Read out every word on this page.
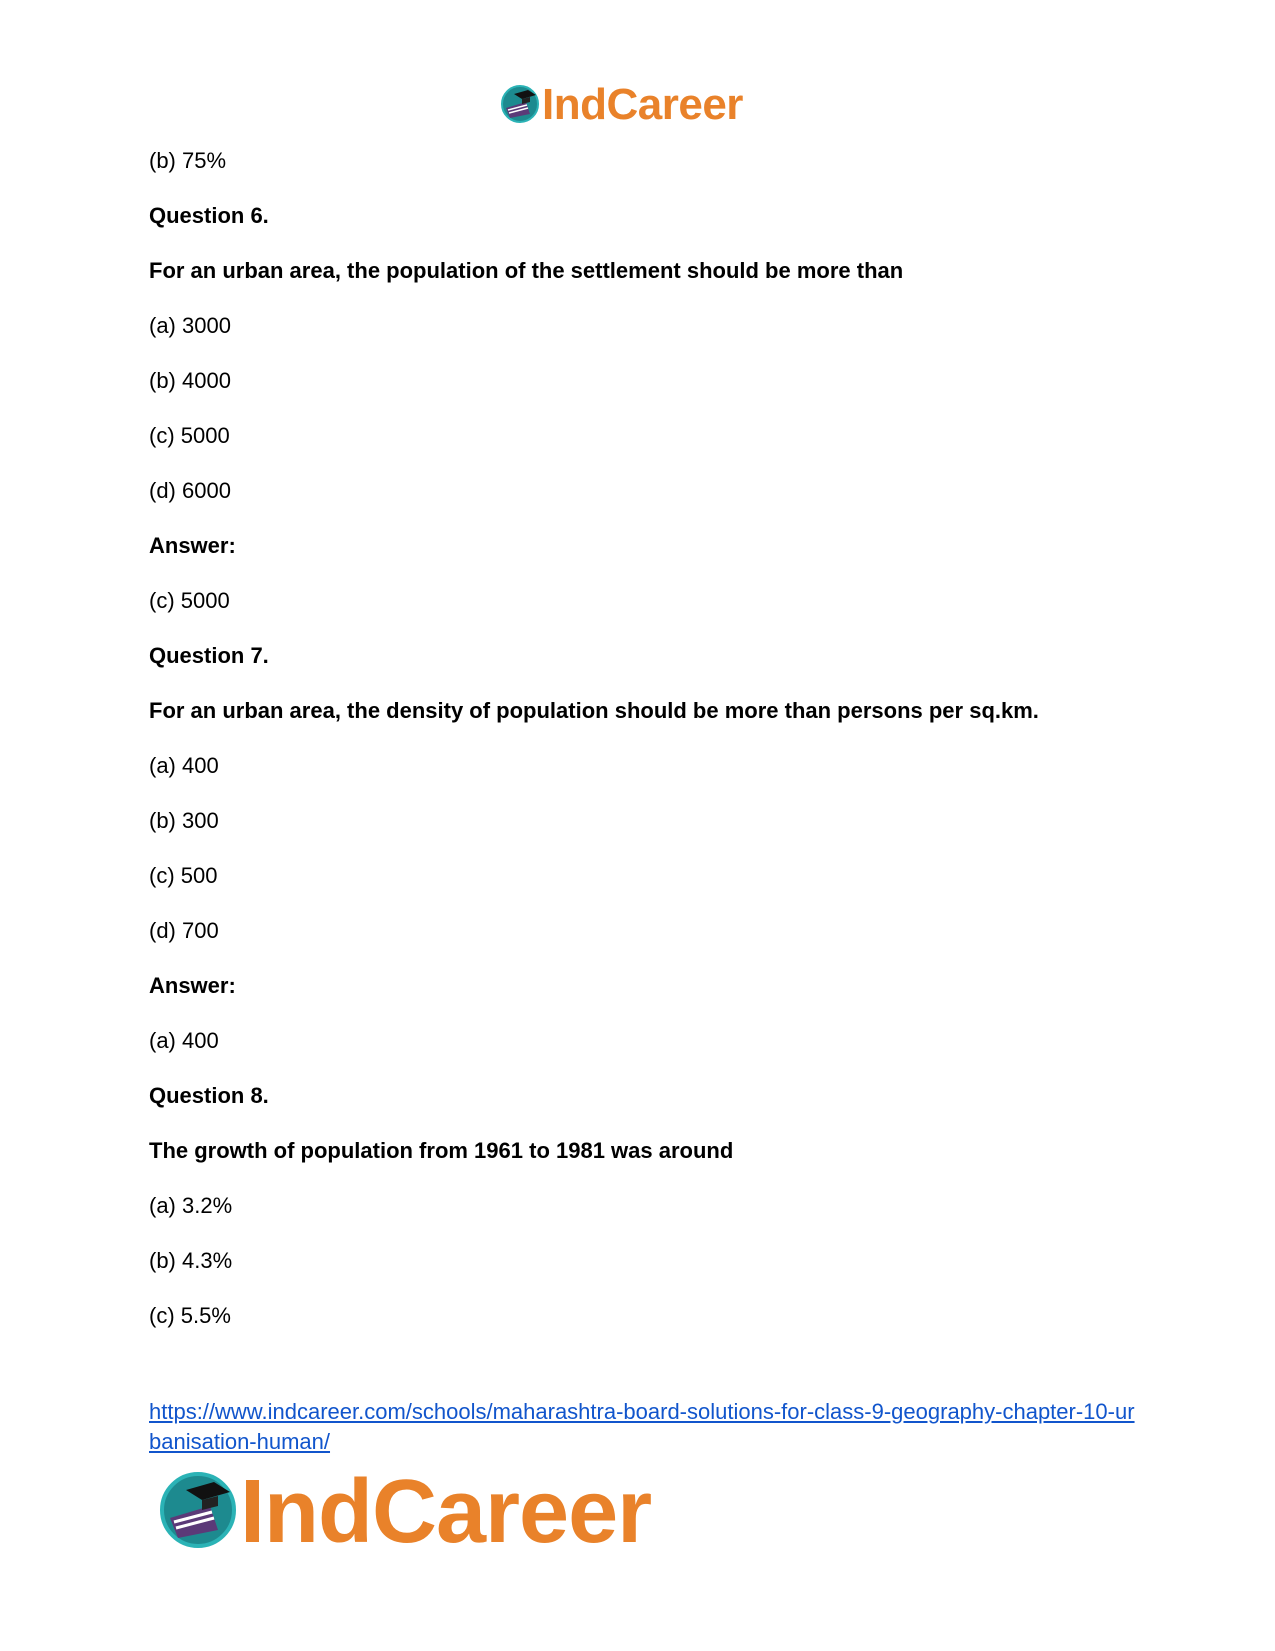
IndCareer
(b) 75%
Question 6.
For an urban area, the population of the settlement should be more than
(a) 3000
(b) 4000
(c) 5000
(d) 6000
Answer:
(c) 5000
Question 7.
For an urban area, the density of population should be more than persons per sq.km.
(a) 400
(b) 300
(c) 500
(d) 700
Answer:
(a) 400
Question 8.
The growth of population from 1961 to 1981 was around
(a) 3.2%
(b) 4.3%
(c) 5.5%
https://www.indcareer.com/schools/maharashtra-board-solutions-for-class-9-geography-chapter-10-urbanisation-human/
IndCareer
